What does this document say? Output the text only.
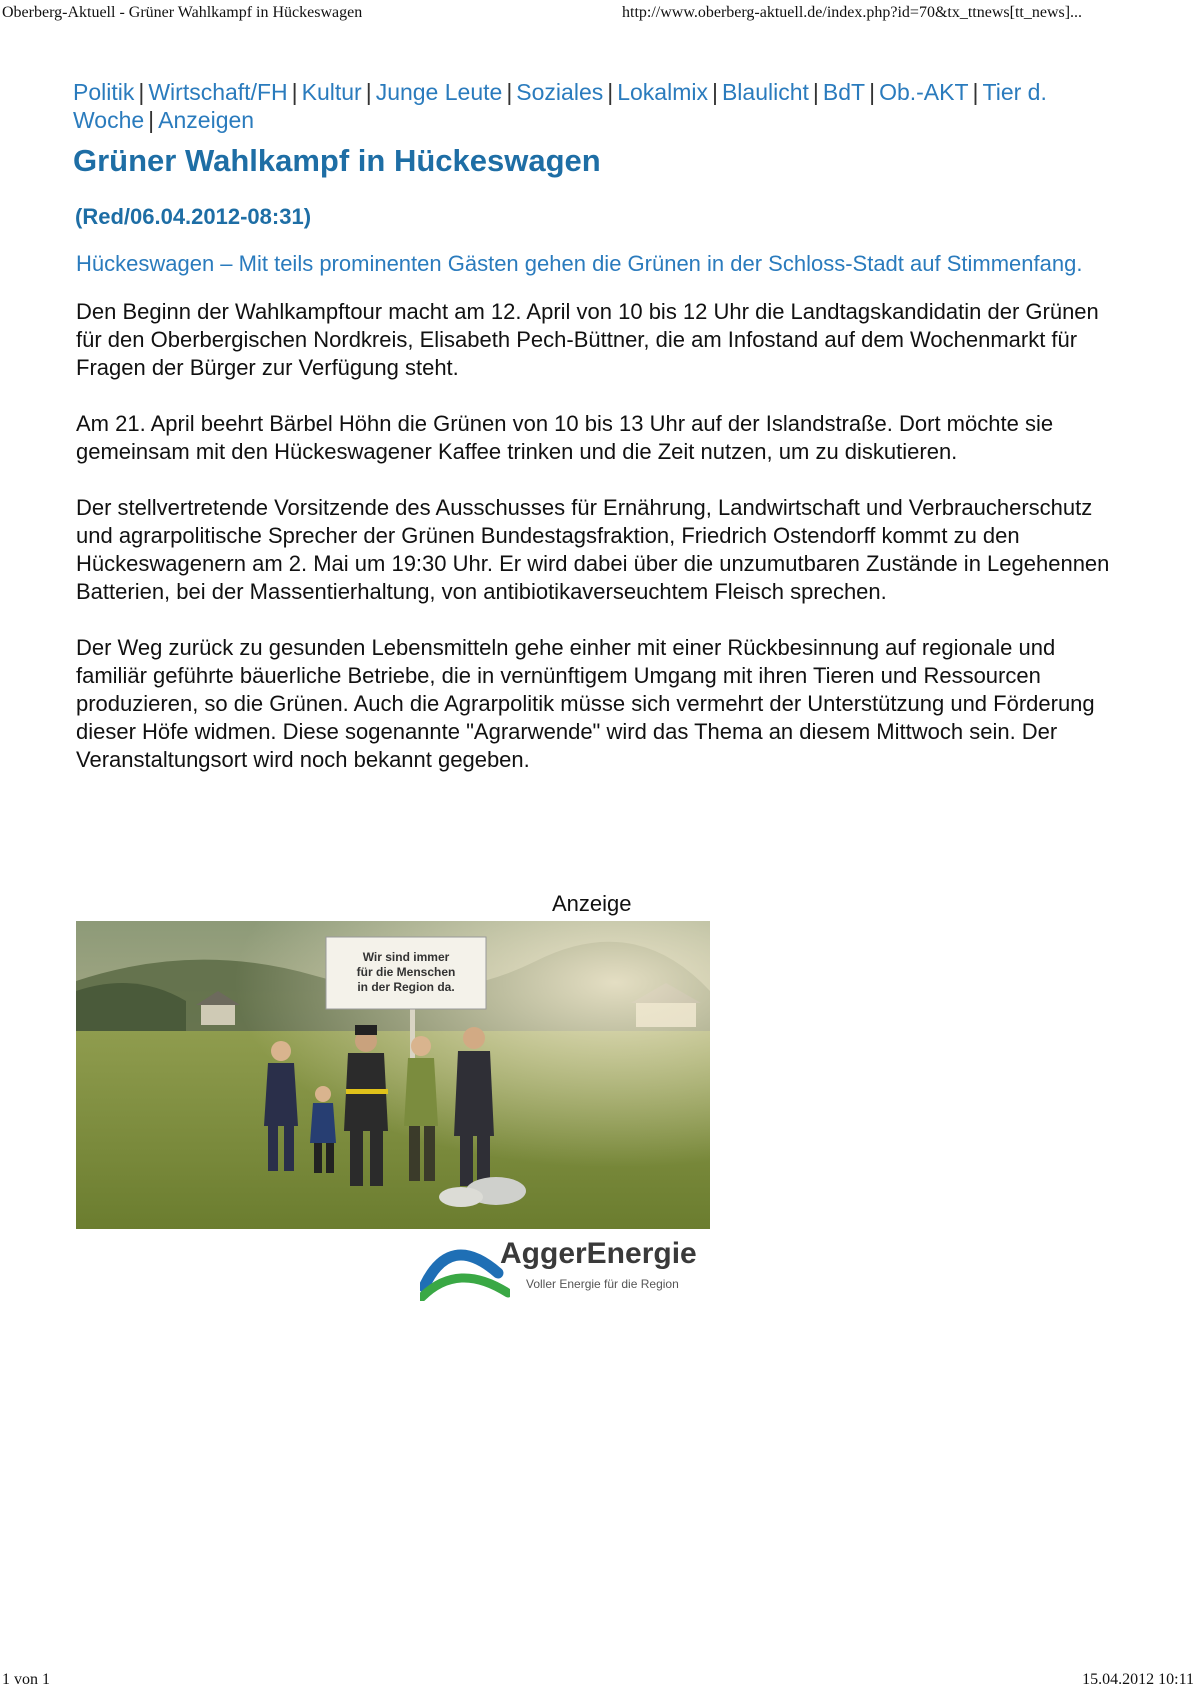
Oberberg-Aktuell - Grüner Wahlkampf in Hückeswagen	http://www.oberberg-aktuell.de/index.php?id=70&tx_ttnews[tt_news]...
Politik | Wirtschaft/FH | Kultur | Junge Leute | Soziales | Lokalmix | Blaulicht | BdT | Ob.-AKT | Tier d. Woche | Anzeigen
Grüner Wahlkampf in Hückeswagen
(Red/06.04.2012-08:31)
Hückeswagen – Mit teils prominenten Gästen gehen die Grünen in der Schloss-Stadt auf Stimmenfang.

Den Beginn der Wahlkampftour macht am 12. April von 10 bis 12 Uhr die Landtagskandidatin der Grünen für den Oberbergischen Nordkreis, Elisabeth Pech-Büttner, die am Infostand auf dem Wochenmarkt für Fragen der Bürger zur Verfügung steht.

Am 21. April beehrt Bärbel Höhn die Grünen von 10 bis 13 Uhr auf der Islandstraße. Dort möchte sie gemeinsam mit den Hückeswagener Kaffee trinken und die Zeit nutzen, um zu diskutieren.

Der stellvertretende Vorsitzende des Ausschusses für Ernährung, Landwirtschaft und Verbraucherschutz und agrarpolitische Sprecher der Grünen Bundestagsfraktion, Friedrich Ostendorff kommt zu den Hückeswagenern am 2. Mai um 19:30 Uhr. Er wird dabei über die unzumutbaren Zustände in Legehennen Batterien, bei der Massentierhaltung, von antibiotikaverseuchtem Fleisch sprechen.

Der Weg zurück zu gesunden Lebensmitteln gehe einher mit einer Rückbesinnung auf regionale und familiär geführte bäuerliche Betriebe, die in vernünftigem Umgang mit ihren Tieren und Ressourcen produzieren, so die Grünen. Auch die Agrarpolitik müsse sich vermehrt der Unterstützung und Förderung dieser Höfe widmen. Diese sogenannte "Agrarwende" wird das Thema an diesem Mittwoch sein. Der Veranstaltungsort wird noch bekannt gegeben.

Anzeige
Wir sind immer
für die Menschen
in der Region da.
AggerEnergie
Voller Energie für die Region
1 von 1	15.04.2012 10:11
